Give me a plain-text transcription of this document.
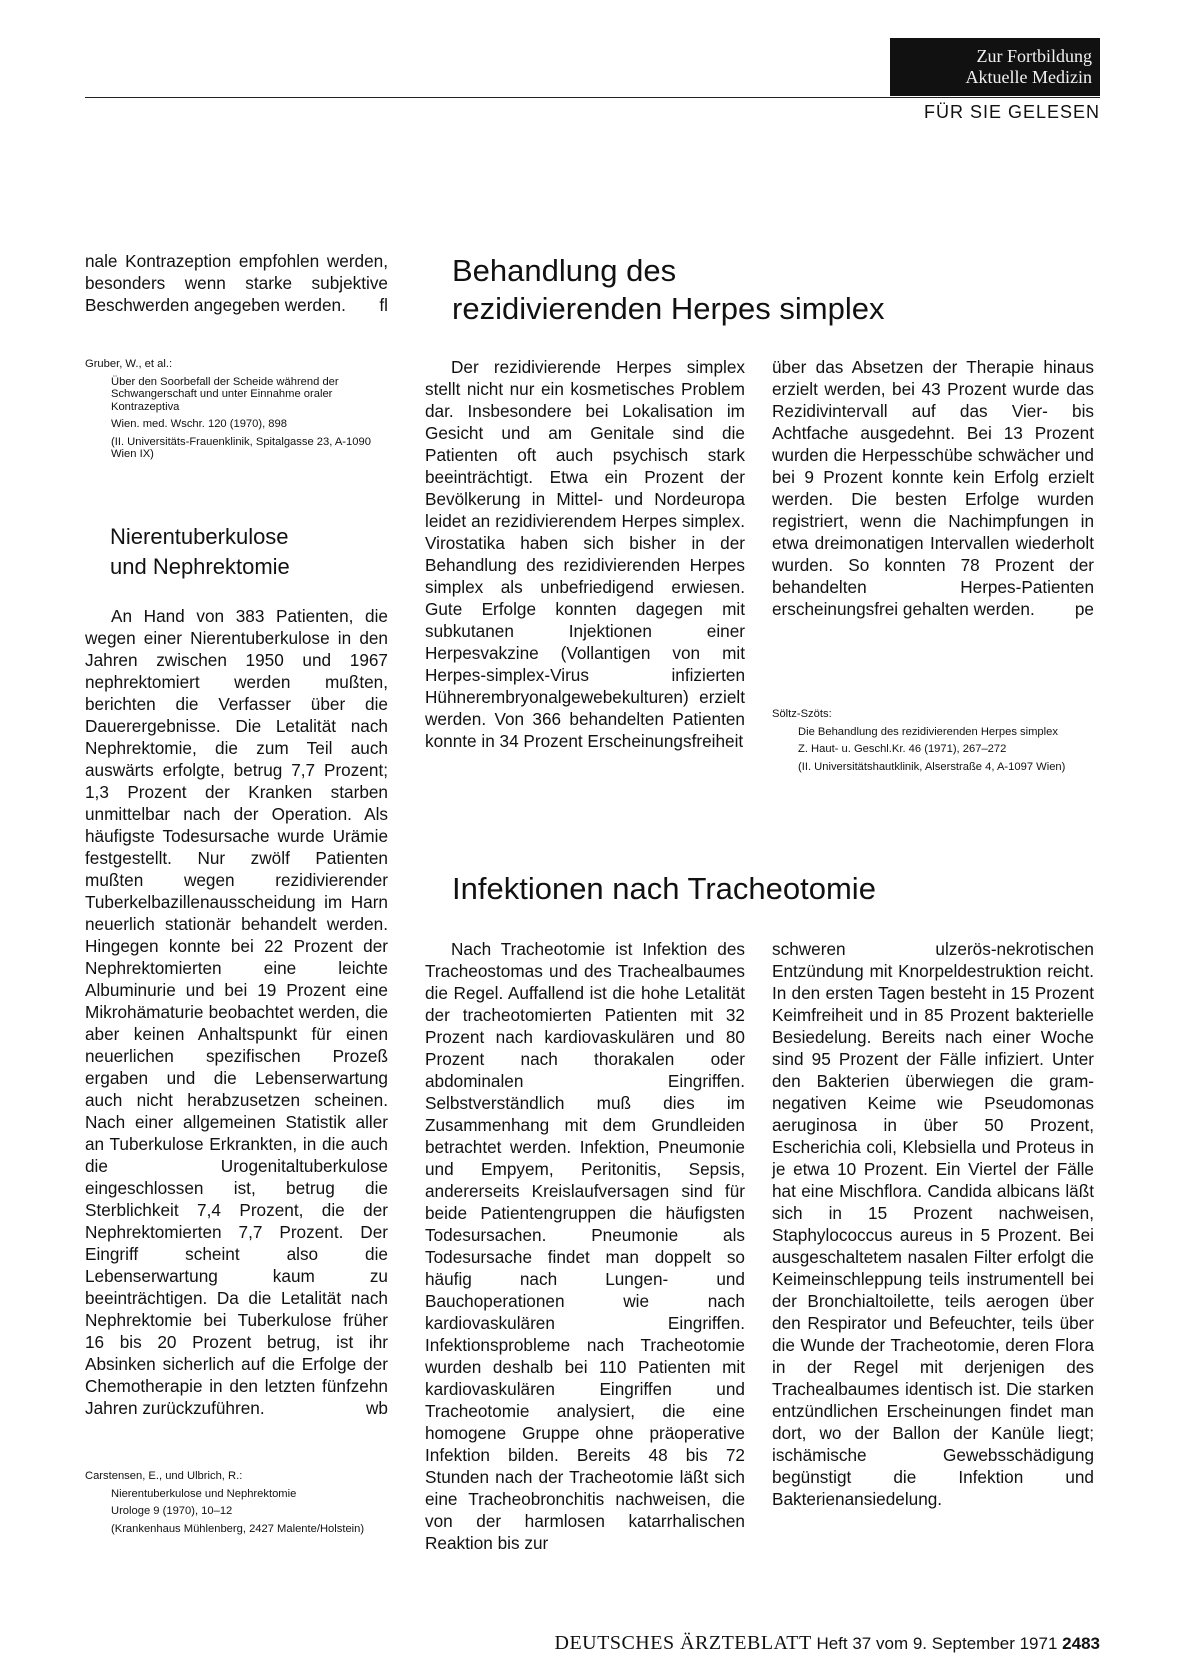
Zur Fortbildung
Aktuelle Medizin
FÜR SIE GELESEN

nale Kontrazeption empfohlen werden, besonders wenn starke subjektive Beschwerden angegeben werden.	fl
Gruber, W., et al.:
Über den Soorbefall der Scheide während der Schwangerschaft und unter Einnahme oraler Kontrazeptiva
Wien. med. Wschr. 120 (1970), 898
(II. Universitäts-Frauenklinik, Spitalgasse 23, A-1090 Wien IX)
Nierentuberkulose
und Nephrektomie

An Hand von 383 Patienten, die wegen einer Nierentuberkulose in den Jahren zwischen 1950 und 1967 nephrektomiert werden mußten, berichten die Verfasser über die Dauerergebnisse. Die Letalität nach Nephrektomie, die zum Teil auch auswärts erfolgte, betrug 7,7 Prozent; 1,3 Prozent der Kranken starben unmittelbar nach der Operation. Als häufigste Todesursache wurde Urämie festgestellt. Nur zwölf Patienten mußten wegen rezidivierender Tuberkelbazillenausscheidung im Harn neuerlich stationär behandelt werden. Hingegen konnte bei 22 Prozent der Nephrektomierten eine leichte Albuminurie und bei 19 Prozent eine Mikrohämaturie beobachtet werden, die aber keinen Anhaltspunkt für einen neuerlichen spezifischen Prozeß ergaben und die Lebenserwartung auch nicht herabzusetzen scheinen. Nach einer allgemeinen Statistik aller an Tuberkulose Erkrankten, in die auch die Urogenitaltuberkulose eingeschlossen ist, betrug die Sterblichkeit 7,4 Prozent, die der Nephrektomierten 7,7 Prozent. Der Eingriff scheint also die Lebenserwartung kaum zu beeinträchtigen. Da die Letalität nach Nephrektomie bei Tuberkulose früher 16 bis 20 Prozent betrug, ist ihr Absinken sicherlich auf die Erfolge der Chemotherapie in den letzten fünfzehn Jahren zurückzuführen.	wb
Carstensen, E., und Ulbrich, R.:
Nierentuberkulose und Nephrektomie
Urologe 9 (1970), 10–12
(Krankenhaus Mühlenberg, 2427 Malente/Holstein)
Behandlung des
rezidivierenden Herpes simplex

Der rezidivierende Herpes simplex stellt nicht nur ein kosmetisches Problem dar. Insbesondere bei Lokalisation im Gesicht und am Genitale sind die Patienten oft auch psychisch stark beeinträchtigt. Etwa ein Prozent der Bevölkerung in Mittel- und Nordeuropa leidet an rezidivierendem Herpes simplex. Virostatika haben sich bisher in der Behandlung des rezidivierenden Herpes simplex als unbefriedigend erwiesen. Gute Erfolge konnten dagegen mit subkutanen Injektionen einer Herpesvakzine (Vollantigen von mit Herpes-simplex-Virus infizierten Hühnerembryonalgewebekulturen) erzielt werden. Von 366 behandelten Patienten konnte in 34 Prozent Erscheinungsfreiheit

über das Absetzen der Therapie hinaus erzielt werden, bei 43 Prozent wurde das Rezidivintervall auf das Vier- bis Achtfache ausgedehnt. Bei 13 Prozent wurden die Herpesschübe schwächer und bei 9 Prozent konnte kein Erfolg erzielt werden. Die besten Erfolge wurden registriert, wenn die Nachimpfungen in etwa dreimonatigen Intervallen wiederholt wurden. So konnten 78 Prozent der behandelten Herpes-Patienten erscheinungsfrei gehalten werden.	pe
Söltz-Szöts:
Die Behandlung des rezidivierenden Herpes simplex
Z. Haut- u. Geschl.Kr. 46 (1971), 267–272
(II. Universitätshautklinik, Alserstraße 4, A-1097 Wien)
Infektionen nach Tracheotomie

Nach Tracheotomie ist Infektion des Tracheostomas und des Trachealbaumes die Regel. Auffallend ist die hohe Letalität der tracheotomierten Patienten mit 32 Prozent nach kardiovaskulären und 80 Prozent nach thorakalen oder abdominalen Eingriffen. Selbstverständlich muß dies im Zusammenhang mit dem Grundleiden betrachtet werden. Infektion, Pneumonie und Empyem, Peritonitis, Sepsis, andererseits Kreislaufversagen sind für beide Patientengruppen die häufigsten Todesursachen. Pneumonie als Todesursache findet man doppelt so häufig nach Lungen- und Bauchoperationen wie nach kardiovaskulären Eingriffen. Infektionsprobleme nach Tracheotomie wurden deshalb bei 110 Patienten mit kardiovaskulären Eingriffen und Tracheotomie analysiert, die eine homogene Gruppe ohne präoperative Infektion bilden. Bereits 48 bis 72 Stunden nach der Tracheotomie läßt sich eine Tracheobronchitis nachweisen, die von der harmlosen katarrhalischen Reaktion bis zur

schweren ulzerös-nekrotischen Entzündung mit Knorpeldestruktion reicht. In den ersten Tagen besteht in 15 Prozent Keimfreiheit und in 85 Prozent bakterielle Besiedelung. Bereits nach einer Woche sind 95 Prozent der Fälle infiziert. Unter den Bakterien überwiegen die gram-negativen Keime wie Pseudomonas aeruginosa in über 50 Prozent, Escherichia coli, Klebsiella und Proteus in je etwa 10 Prozent. Ein Viertel der Fälle hat eine Mischflora. Candida albicans läßt sich in 15 Prozent nachweisen, Staphylococcus aureus in 5 Prozent. Bei ausgeschaltetem nasalen Filter erfolgt die Keimeinschleppung teils instrumentell bei der Bronchialtoilette, teils aerogen über den Respirator und Befeuchter, teils über die Wunde der Tracheotomie, deren Flora in der Regel mit derjenigen des Trachealbaumes identisch ist. Die starken entzündlichen Erscheinungen findet man dort, wo der Ballon der Kanüle liegt; ischämische Gewebsschädigung begünstigt die Infektion und Bakterienansiedelung.

DEUTSCHES ÄRZTEBLATT Heft 37 vom 9. September 1971 2483
